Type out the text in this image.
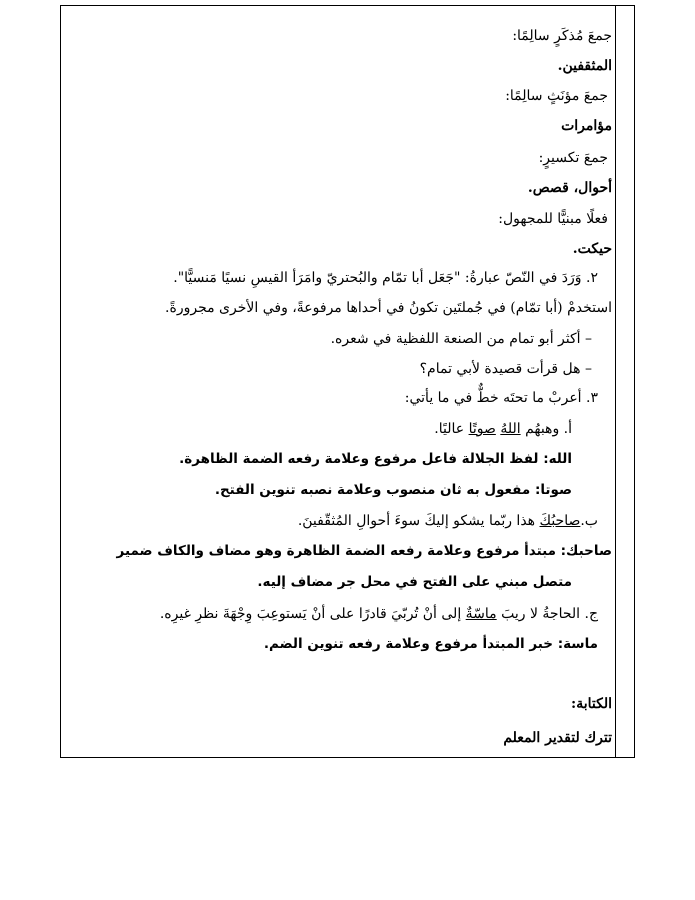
جمعَ مُذكَرٍ سالِمًا:
المثقفين.
جمعَ مؤنَثٍ سالِمًا:
مؤامرات
جمعَ تكسيرٍ:
أحوال، قصص.
فعلًا مبنيًّا للمجهول:
حيكت.
٢. وَرَدَ في النّصّ عبارةُ: "جَعَل أبا تمّام والبُحتريّ وامَرَأ القيسِ نسيًا مَنسيًّا".
استخدمْ (أبا تمّام) في جُملتَين تكونُ في أحداها مرفوعةً، وفي الأخرى مجرورةً.
– أكثر أبو تمام من الصنعة اللفظية في شعره.
– هل قرأت قصيدة لأبي تمام؟
٣. أعربْ ما تحتَه خطٌّ في ما يأتي:
أ. وهبهُم اللهُ صوتًا عاليًا.
الله: لفظ الجلالة فاعل مرفوع وعلامة رفعه الضمة الظاهرة.
صوتا: مفعول به ثان منصوب وعلامة نصبه تنوين الفتح.
ب.صاحبُكَ هذا ربّما يشكو إليكَ سوءَ أحوالِ المُثقّفينَ.
صاحبك: مبتدأ مرفوع وعلامة رفعه الضمة الظاهرة وهو مضاف والكاف ضمير
متصل مبني على الفتح في محل جر مضاف إليه.
ج. الحاجةُ لا ريبَ ماسّةٌ إلى أنْ تُربّيَ قادرًا على أنْ يَستوعِبَ وِجْهَةَ نظرِ غيرِه.
ماسة: خبر المبتدأ مرفوع وعلامة رفعه تنوين الضم.
الكتابة:
تترك لتقدير المعلم
